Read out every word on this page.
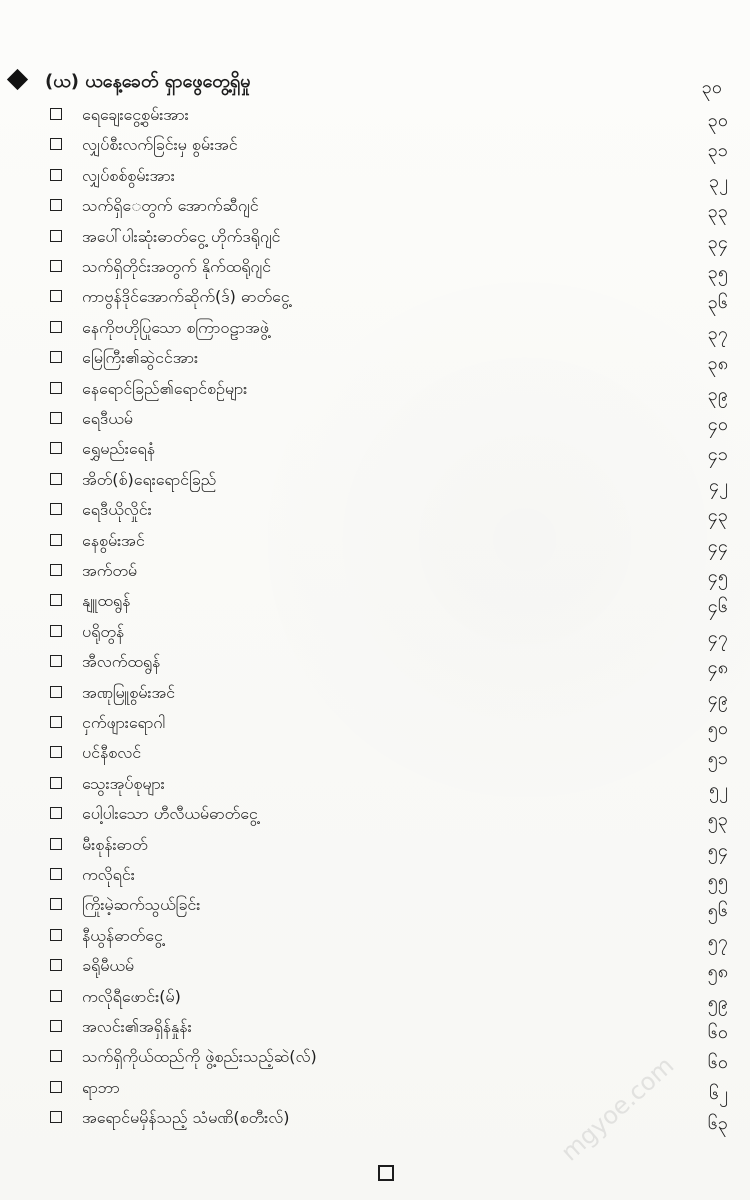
(ယ) ယနေ့ခေတ် ရှာဖွေတွေ့ရှိမှု	၃၀
ရေချေးငွေ့စွမ်းအား	၃၀
လျှပ်စီးလက်ခြင်းမှ စွမ်းအင်	၃၁
လျှပ်စစ်စွမ်းအား	၃၂
သက်ရှိ‌ေတွက် အောက်ဆီဂျင်	၃၃
အပေါ်ပါးဆုံးဓာတ်ငွေ့ ဟိုက်ဒရိုဂျင်	၃၄
သက်ရှိတိုင်းအတွက် နိုက်ထရိုဂျင်	၃၅
ကာဗွန်ဒိုင်အောက်ဆိုက်(ဒ်) ဓာတ်ငွေ့	၃၆
နေကိုဗဟိုပြုသော စကြာဝဠာအဖွဲ့	၃၇
မြေကြီး၏ဆွဲငင်အား	၃၈
နေရောင်ခြည်၏ရောင်စဉ်များ	၃၉
ရေဒီယမ်	၄၀
ရွှေမည်းရေနံ	၄၁
အိတ်(စ်)ရေးရောင်ခြည်	၄၂
ရေဒီယိုလှိုင်း	၄၃
နေစွမ်းအင်	၄၄
အက်တမ်	၄၅
နျူထရွန်	၄၆
ပရိုတွန်	၄၇
အီလက်ထရွန်	၄၈
အဏုမြူစွမ်းအင်	၄၉
ငှက်ဖျားရောဂါ	၅၀
ပင်နီစလင်	၅၁
သွေးအုပ်စုများ	၅၂
ပေါ့ပါးသော ဟီလီယမ်ဓာတ်ငွေ့	၅၃
မီးစုန်းဓာတ်	၅၄
ကလိုရင်း	၅၅
ကြိုးမဲ့ဆက်သွယ်ခြင်း	၅၆
နီယွန်ဓာတ်ငွေ့	၅၇
ခရိုမီယမ်	၅၈
ကလိုရီဖောင်း(မ်)	၅၉
အလင်း၏အရှိန်နှုန်း	၆၀
သက်ရှိကိုယ်ထည်ကို ဖွဲ့စည်းသည့်ဆဲ(လ်)	၆၀
ရာဘာ	၆၂
အရောင်မမှိန်သည့် သံမဏိ(စတီးလ်)	၆၃
mgyoe.com
